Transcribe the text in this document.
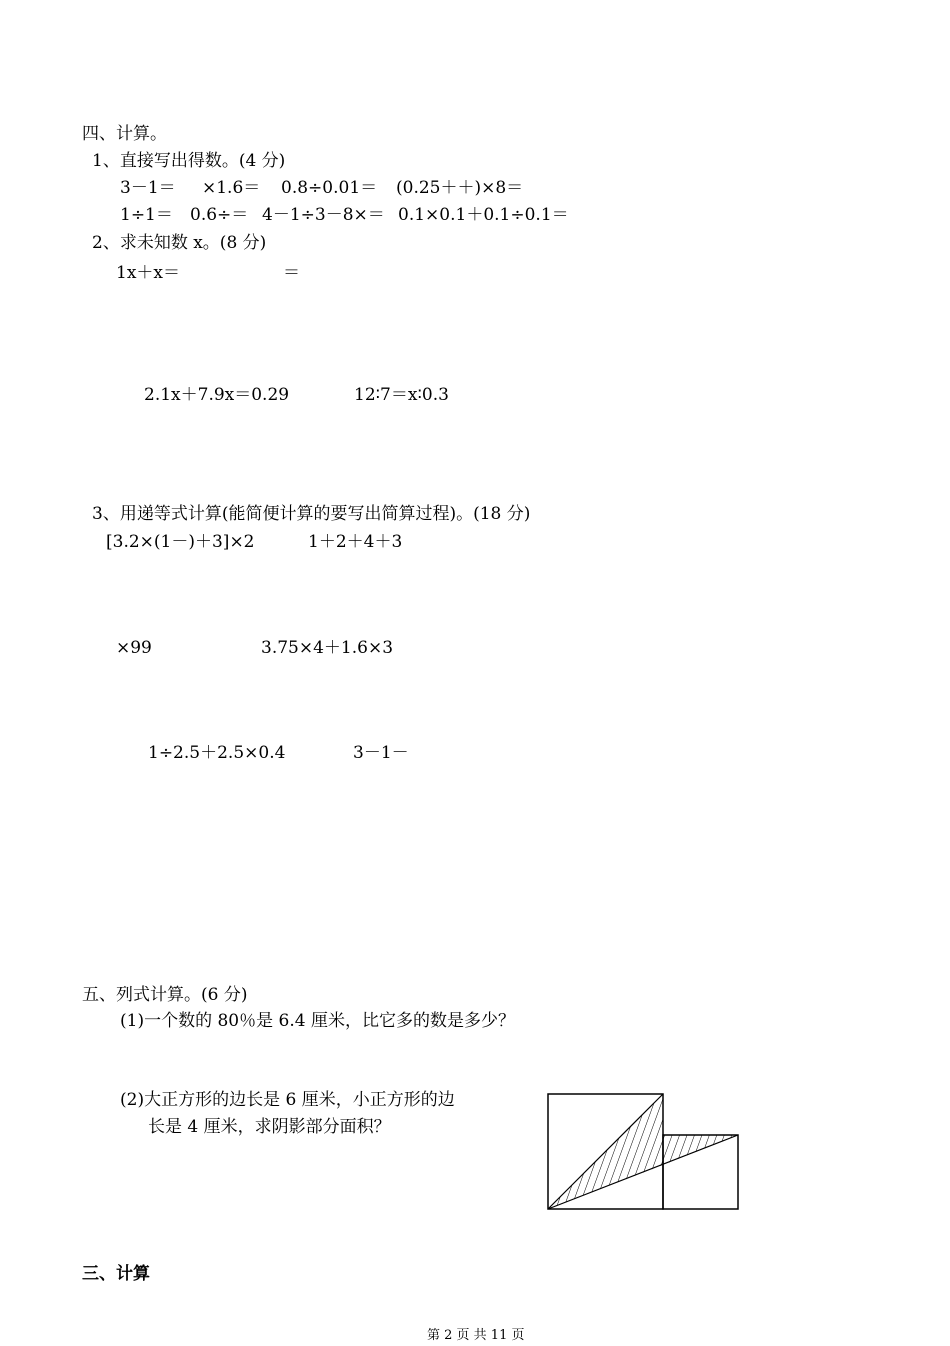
四、计算。
1、直接写出得数。(4 分)
3－1＝ ×1.6＝ 0.8÷0.01＝ (0.25＋＋)×8＝
1÷1＝ 0.6÷＝ 4－1÷3－8×＝ 0.1×0.1＋0.1÷0.1＝
2、求未知数 x。(8 分)
1x＋x＝	＝
2.1x＋7.9x＝0.29	12∶7＝x∶0.3
3、用递等式计算(能简便计算的要写出简算过程)。(18 分)
[3.2×(1－)＋3]×2	1＋2＋4＋3
×99	3.75×4＋1.6×3
1÷2.5＋2.5×0.4	3－1－
五、列式计算。(6 分)
(1)一个数的 80％是 6.4 厘米，比它多的数是多少？
(2)大正方形的边长是 6 厘米，小正方形的边
长是 4 厘米，求阴影部分面积？
三、计算
第 2 页 共 11 页
